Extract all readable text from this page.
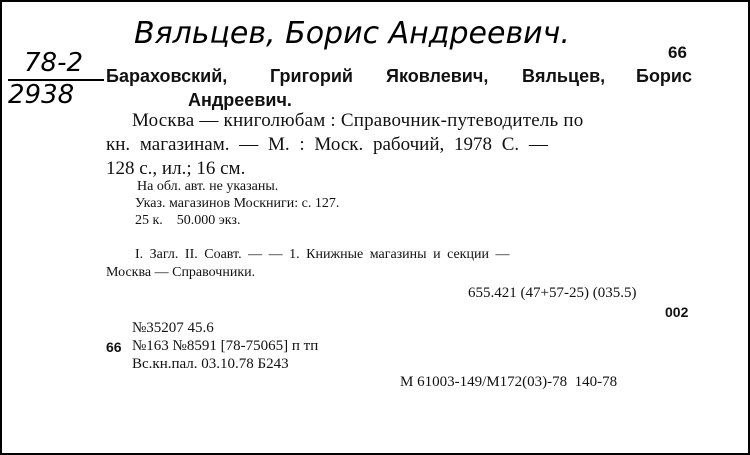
Вяльцев, Борис Андреевич.
78-2
2938
66
Бараховский, Григорий Яковлевич, Вяльцев, Борис
Андреевич.
Москва — книголюбам : Справочник-путеводитель по
кн. магазинам. — М. : Моск. рабочий, 1978 С. —
128 с., ил.; 16 см.
На обл. авт. не указаны.
Указ. магазинов Москниги: с. 127.
25 к.    50.000 экз.
I. Загл. II. Соавт. — — 1. Книжные магазины и секции —
Москва — Справочники.
655.421 (47+57-25) (035.5)
002
№35207 45.6
66 №163 №8591 [78-75065] п тп
Вс.кн.пал. 03.10.78 Б243
М 61003-149/М172(03)-78  140-78
